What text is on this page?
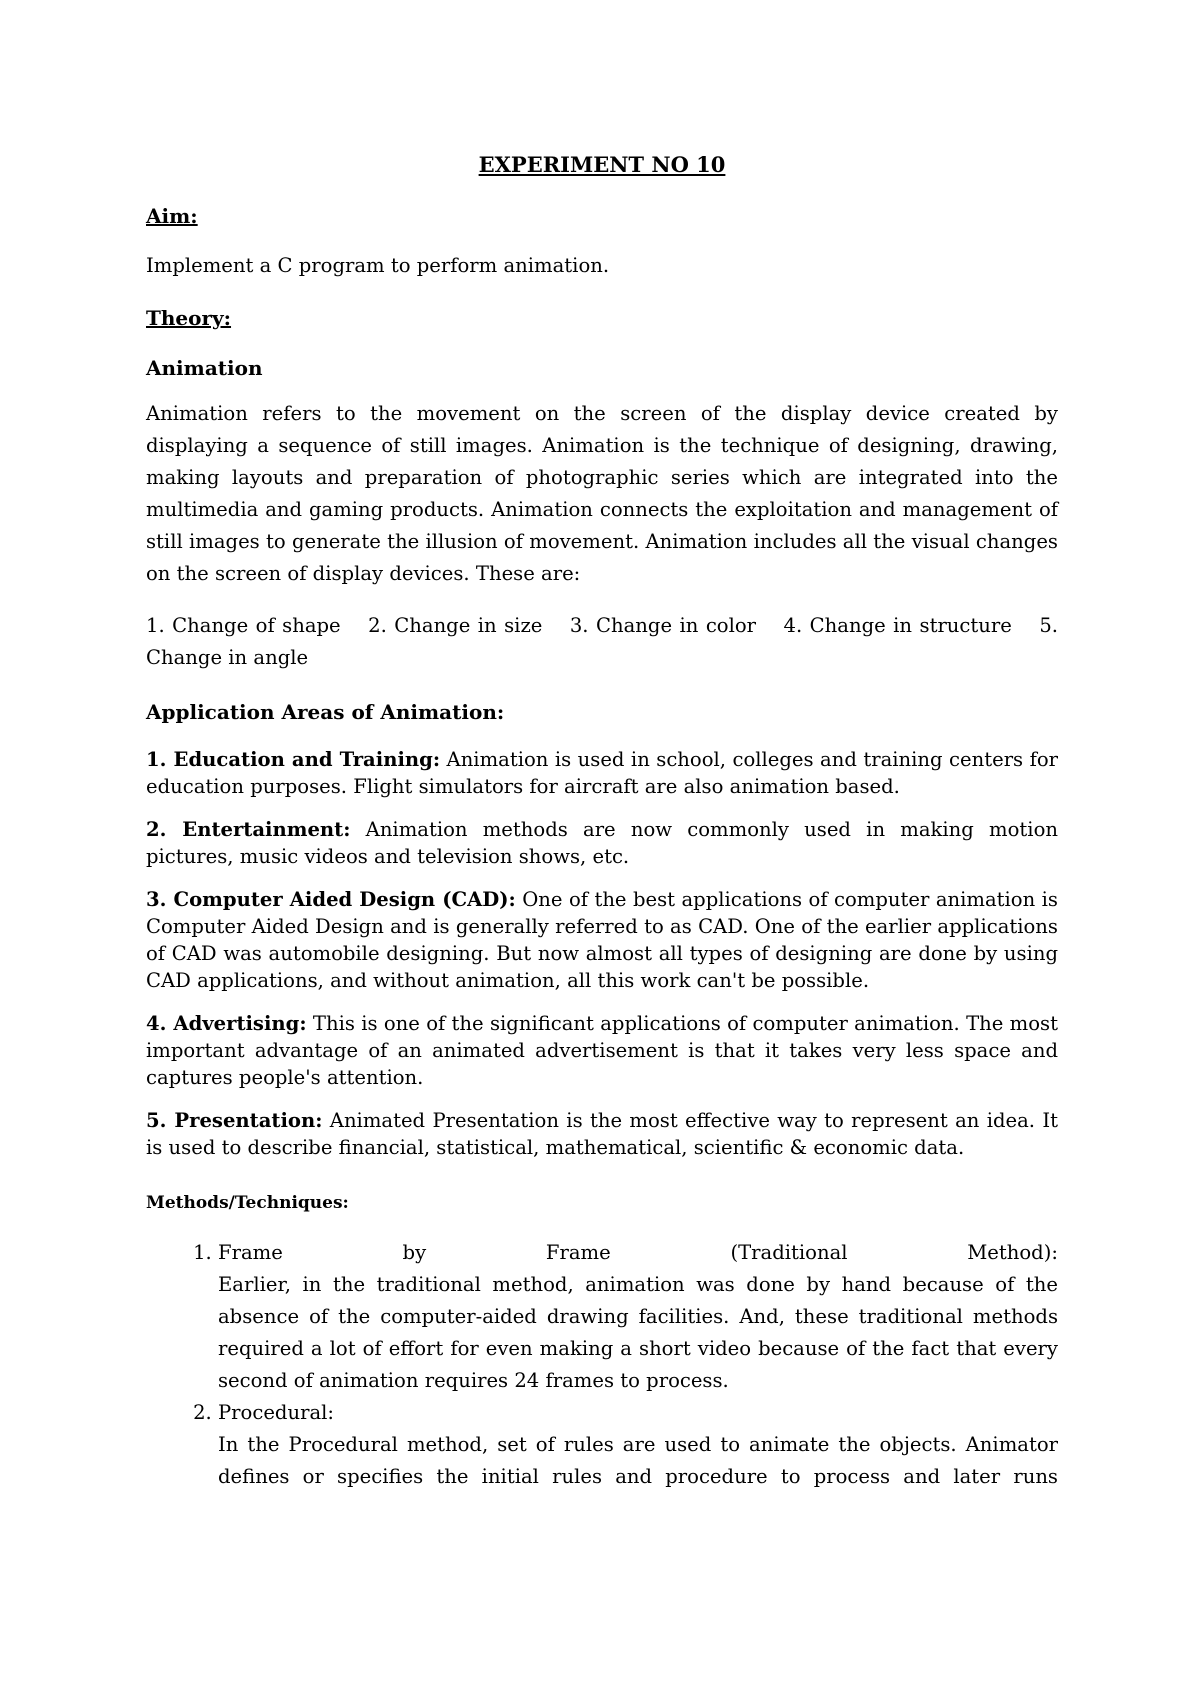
EXPERIMENT NO 10
Aim:
Implement a C program to perform animation.
Theory:
Animation
Animation refers to the movement on the screen of the display device created by displaying a sequence of still images. Animation is the technique of designing, drawing, making layouts and preparation of photographic series which are integrated into the multimedia and gaming products. Animation connects the exploitation and management of still images to generate the illusion of movement. Animation includes all the visual changes on the screen of display devices. These are:
1. Change of shape 2. Change in size 3. Change in color 4. Change in structure 5. Change in angle
Application Areas of Animation:
1. Education and Training: Animation is used in school, colleges and training centers for education purposes. Flight simulators for aircraft are also animation based.
2. Entertainment: Animation methods are now commonly used in making motion pictures, music videos and television shows, etc.
3. Computer Aided Design (CAD): One of the best applications of computer animation is Computer Aided Design and is generally referred to as CAD. One of the earlier applications of CAD was automobile designing. But now almost all types of designing are done by using CAD applications, and without animation, all this work can't be possible.
4. Advertising: This is one of the significant applications of computer animation. The most important advantage of an animated advertisement is that it takes very less space and captures people's attention.
5. Presentation: Animated Presentation is the most effective way to represent an idea. It is used to describe financial, statistical, mathematical, scientific & economic data.
Methods/Techniques:
1. Frame	by	Frame	(Traditional	Method):
Earlier, in the traditional method, animation was done by hand because of the absence of the computer-aided drawing facilities. And, these traditional methods required a lot of effort for even making a short video because of the fact that every second of animation requires 24 frames to process.
2. Procedural:
In the Procedural method, set of rules are used to animate the objects. Animator defines or specifies the initial rules and procedure to process and later runs
